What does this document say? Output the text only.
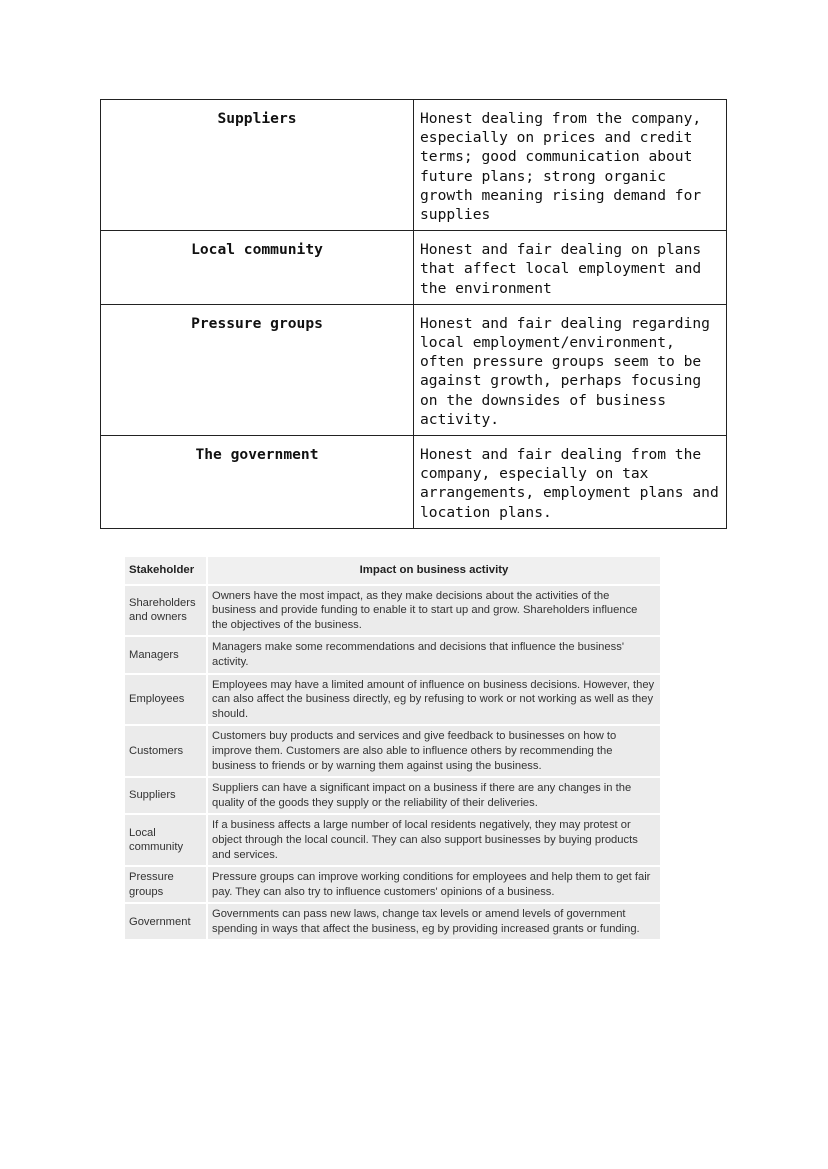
Suppliers	Honest dealing from the company, especially on prices and credit terms; good communication about future plans; strong organic growth meaning rising demand for supplies
Local community	Honest and fair dealing on plans that affect local employment and the environment
Pressure groups	Honest and fair dealing regarding local employment/environment, often pressure groups seem to be against growth, perhaps focusing on the downsides of business activity.
The government	Honest and fair dealing from the company, especially on tax arrangements, employment plans and location plans.
Stakeholder	Impact on business activity
Shareholders and owners	Owners have the most impact, as they make decisions about the activities of the business and provide funding to enable it to start up and grow. Shareholders influence the objectives of the business.
Managers	Managers make some recommendations and decisions that influence the business' activity.
Employees	Employees may have a limited amount of influence on business decisions. However, they can also affect the business directly, eg by refusing to work or not working as well as they should.
Customers	Customers buy products and services and give feedback to businesses on how to improve them. Customers are also able to influence others by recommending the business to friends or by warning them against using the business.
Suppliers	Suppliers can have a significant impact on a business if there are any changes in the quality of the goods they supply or the reliability of their deliveries.
Local community	If a business affects a large number of local residents negatively, they may protest or object through the local council. They can also support businesses by buying products and services.
Pressure groups	Pressure groups can improve working conditions for employees and help them to get fair pay. They can also try to influence customers' opinions of a business.
Government	Governments can pass new laws, change tax levels or amend levels of government spending in ways that affect the business, eg by providing increased grants or funding.
